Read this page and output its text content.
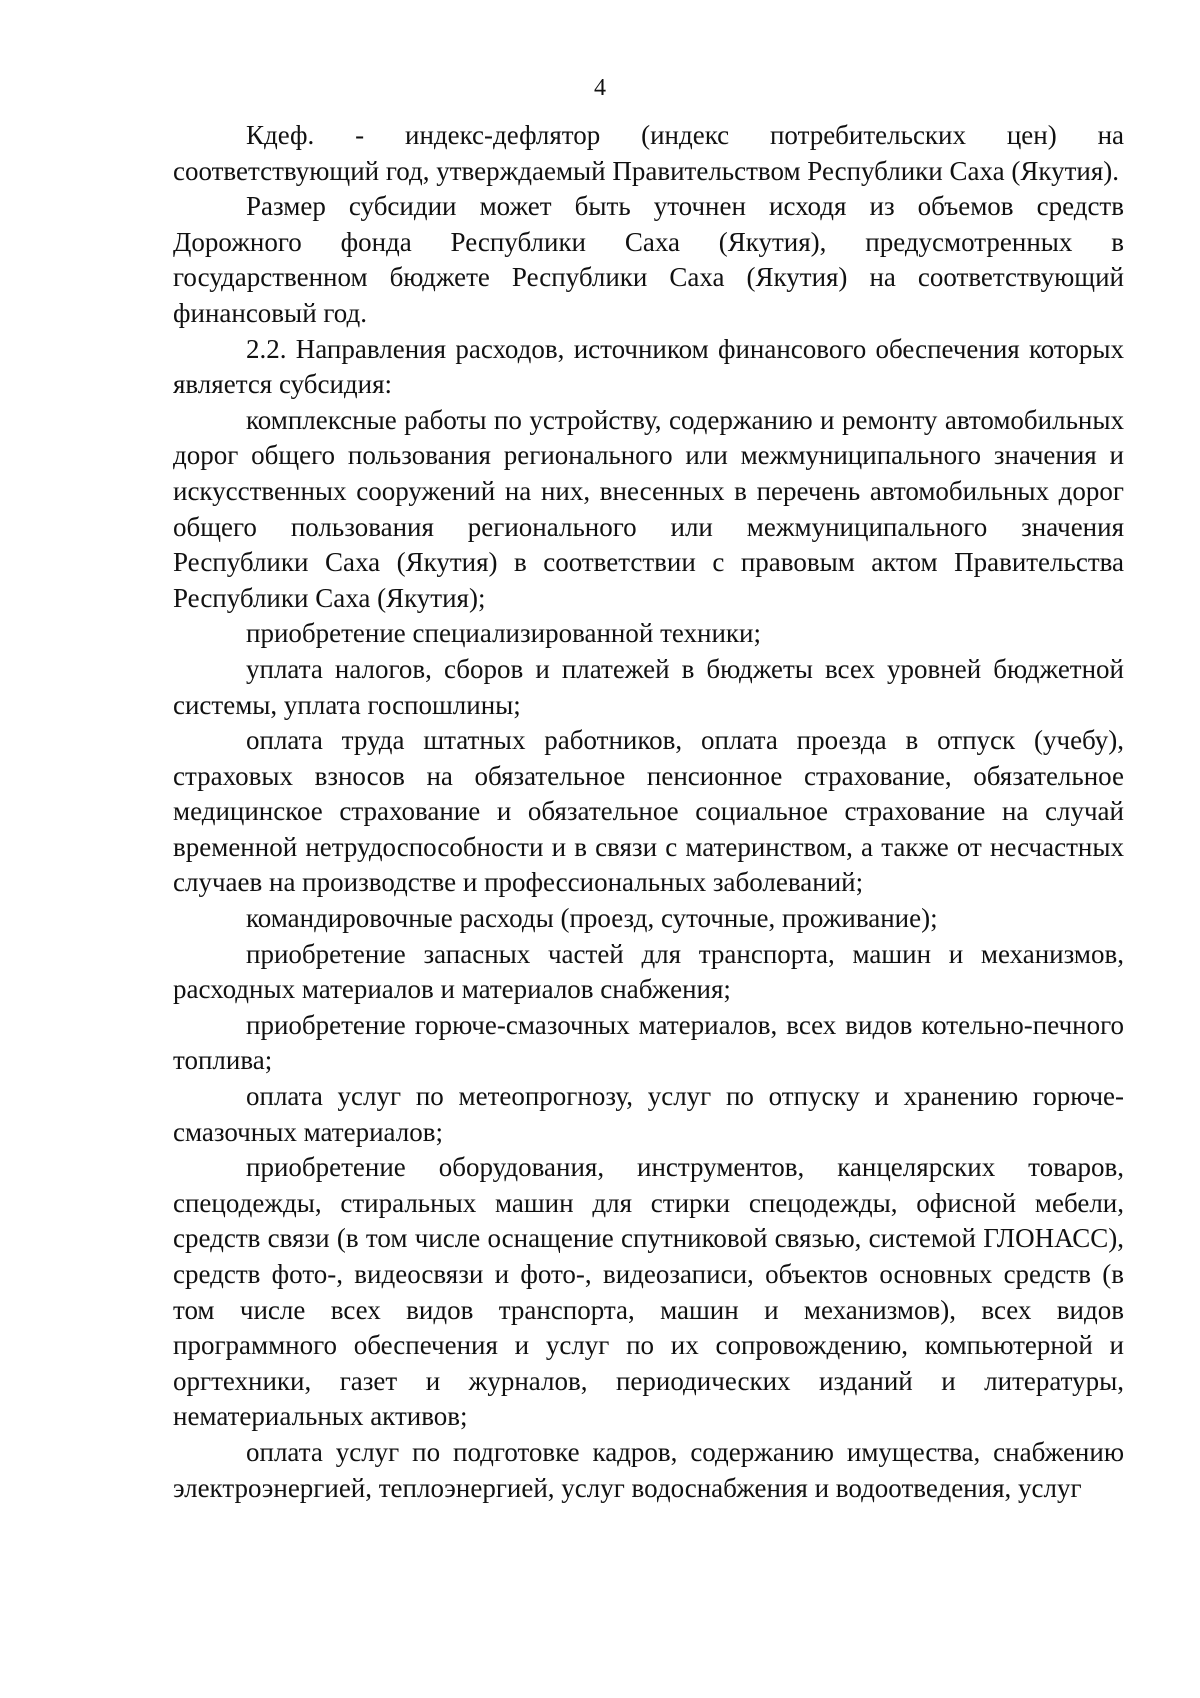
4

Кдеф. - индекс-дефлятор (индекс потребительских цен) на соответствующий год, утверждаемый Правительством Республики Саха (Якутия).

Размер субсидии может быть уточнен исходя из объемов средств Дорожного фонда Республики Саха (Якутия), предусмотренных в государственном бюджете Республики Саха (Якутия) на соответствующий финансовый год.

2.2. Направления расходов, источником финансового обеспечения которых является субсидия:

комплексные работы по устройству, содержанию и ремонту автомобильных дорог общего пользования регионального или межмуниципального значения и искусственных сооружений на них, внесенных в перечень автомобильных дорог общего пользования регионального или межмуниципального значения Республики Саха (Якутия) в соответствии с правовым актом Правительства Республики Саха (Якутия);

приобретение специализированной техники;

уплата налогов, сборов и платежей в бюджеты всех уровней бюджетной системы, уплата госпошлины;

оплата труда штатных работников, оплата проезда в отпуск (учебу), страховых взносов на обязательное пенсионное страхование, обязательное медицинское страхование и обязательное социальное страхование на случай временной нетрудоспособности и в связи с материнством, а также от несчастных случаев на производстве и профессиональных заболеваний;

командировочные расходы (проезд, суточные, проживание);

приобретение запасных частей для транспорта, машин и механизмов, расходных материалов и материалов снабжения;

приобретение горюче-смазочных материалов, всех видов котельно-печного топлива;

оплата услуг по метеопрогнозу, услуг по отпуску и хранению горюче-смазочных материалов;

приобретение оборудования, инструментов, канцелярских товаров, спецодежды, стиральных машин для стирки спецодежды, офисной мебели, средств связи (в том числе оснащение спутниковой связью, системой ГЛОНАСС), средств фото-, видеосвязи и фото-, видеозаписи, объектов основных средств (в том числе всех видов транспорта, машин и механизмов), всех видов программного обеспечения и услуг по их сопровождению, компьютерной и оргтехники, газет и журналов, периодических изданий и литературы, нематериальных активов;

оплата услуг по подготовке кадров, содержанию имущества, снабжению электроэнергией, теплоэнергией, услуг водоснабжения и водоотведения, услуг
